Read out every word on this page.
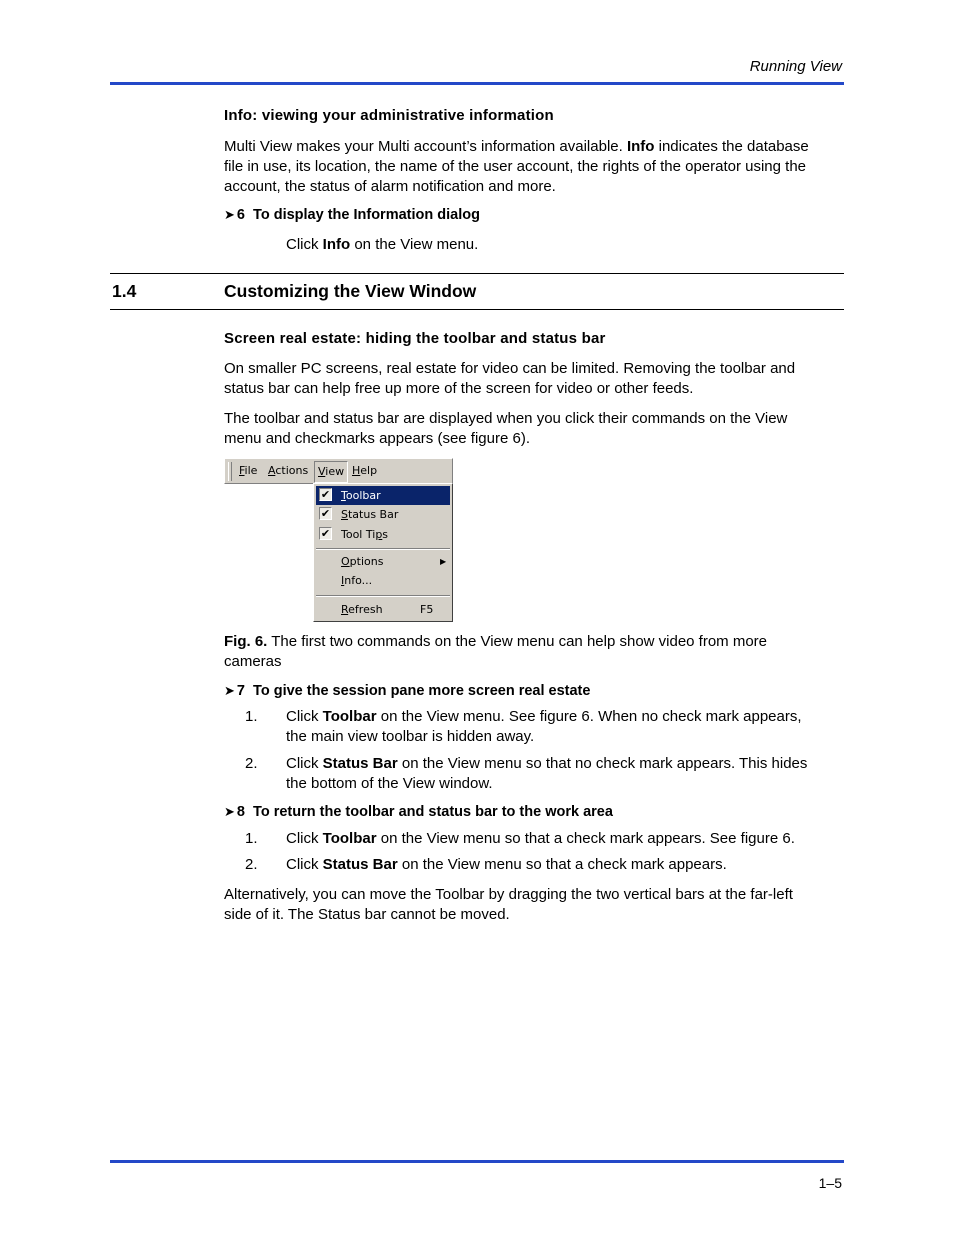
Running View
Info: viewing your administrative information
Multi View makes your Multi account’s information available. Info indicates the database
file in use, its location, the name of the user account, the rights of the operator using the
account, the status of alarm notification and more.
➤ 6 To display the Information dialog
Click Info on the View menu.
1.4	Customizing the View Window
Screen real estate: hiding the toolbar and status bar
On smaller PC screens, real estate for video can be limited. Removing the toolbar and
status bar can help free up more of the screen for video or other feeds.
The toolbar and status bar are displayed when you click their commands on the View
menu and checkmarks appears (see figure 6).
File Actions View Help
✔ Toolbar
✔ Status Bar
✔ Tool Tips
Options	▶
Info...
Refresh	F5
Fig. 6. The first two commands on the View menu can help show video from more
cameras
➤ 7 To give the session pane more screen real estate
1. Click Toolbar on the View menu. See figure 6. When no check mark appears,
the main view toolbar is hidden away.
2. Click Status Bar on the View menu so that no check mark appears. This hides
the bottom of the View window.
➤ 8 To return the toolbar and status bar to the work area
1. Click Toolbar on the View menu so that a check mark appears. See figure 6.
2. Click Status Bar on the View menu so that a check mark appears.
Alternatively, you can move the Toolbar by dragging the two vertical bars at the far-left
side of it. The Status bar cannot be moved.
1–5
